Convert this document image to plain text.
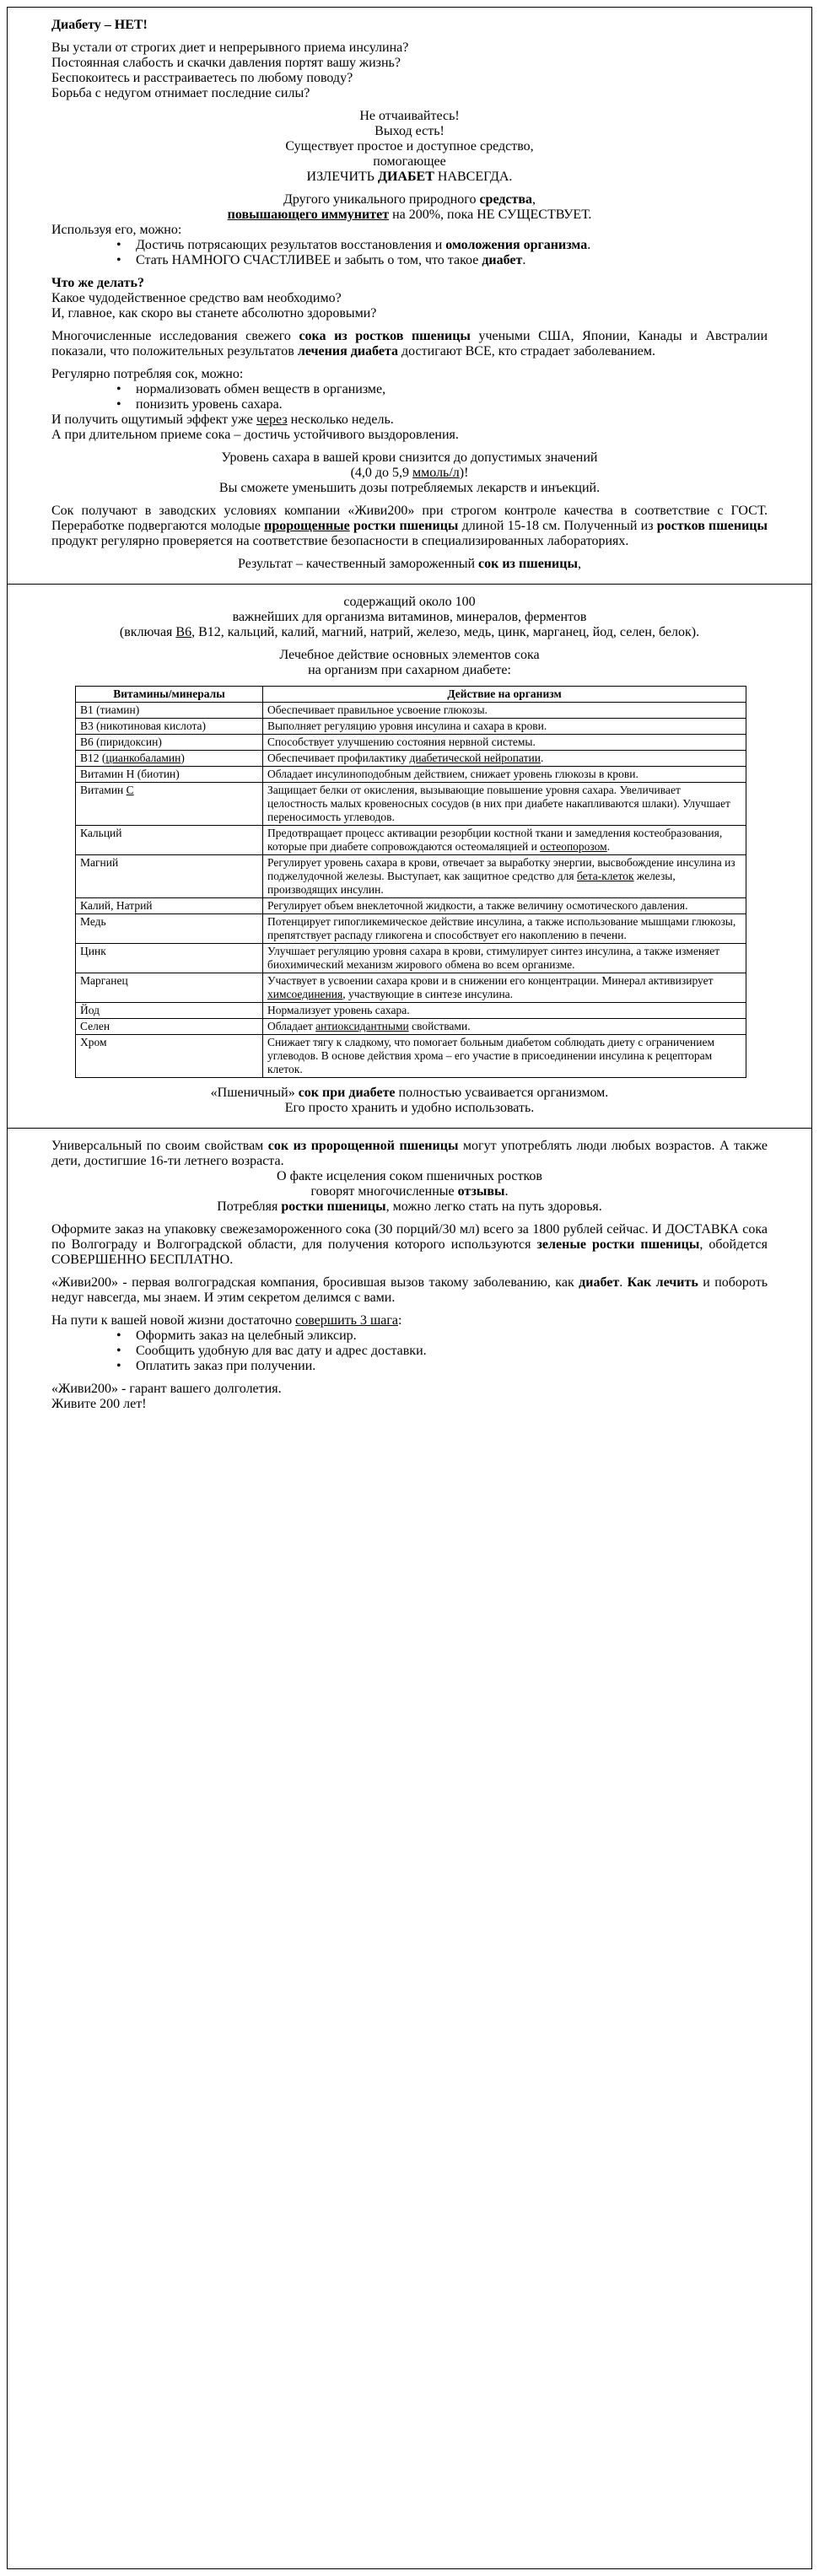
Диабету – НЕТ!
Вы устали от строгих диет и непрерывного приема инсулина?
Постоянная слабость и скачки давления портят вашу жизнь?
Беспокоитесь и расстраиваетесь по любому поводу?
Борьба с недугом отнимает последние силы?
Не отчаивайтесь!
Выход есть!
Существует простое и доступное средство,
помогающее
ИЗЛЕЧИТЬ ДИАБЕТ НАВСЕГДА.
Другого уникального природного средства,
повышающего иммунитет на 200%, пока НЕ СУЩЕСТВУЕТ.
Используя его, можно:
•	Достичь потрясающих результатов восстановления и омоложения организма.
•	Стать НАМНОГО СЧАСТЛИВЕЕ и забыть о том, что такое диабет.
Что же делать?
Какое чудодейственное средство вам необходимо?
И, главное, как скоро вы станете абсолютно здоровыми?
Многочисленные исследования свежего сока из ростков пшеницы учеными США, Японии, Канады и Австралии показали, что положительных результатов лечения диабета достигают ВСЕ, кто страдает заболеванием.
Регулярно потребляя сок, можно:
•	нормализовать обмен веществ в организме,
•	понизить уровень сахара.
И получить ощутимый эффект уже через несколько недель.
А при длительном приеме сока – достичь устойчивого выздоровления.
Уровень сахара в вашей крови снизится до допустимых значений
(4,0 до 5,9 ммоль/л)!
Вы сможете уменьшить дозы потребляемых лекарств и инъекций.
Сок получают в заводских условиях компании «Живи200» при строгом контроле качества в соответствие с ГОСТ. Переработке подвергаются молодые пророщенные ростки пшеницы длиной 15-18 см. Полученный из ростков пшеницы продукт регулярно проверяется на соответствие безопасности в специализированных лабораториях.
Результат – качественный замороженный сок из пшеницы,
содержащий около 100
важнейших для организма витаминов, минералов, ферментов
(включая В6, В12, кальций, калий, магний, натрий, железо, медь, цинк, марганец, йод, селен, белок).
Лечебное действие основных элементов сока
на организм при сахарном диабете:
Витамины/минералы	Действие на организм
В1 (тиамин)	Обеспечивает правильное усвоение глюкозы.
В3 (никотиновая кислота)	Выполняет регуляцию уровня инсулина и сахара в крови.
В6 (пиридоксин)	Способствует улучшению состояния нервной системы.
В12 (цианкобаламин)	Обеспечивает профилактику диабетической нейропатии.
Витамин Н (биотин)	Обладает инсулиноподобным действием, снижает уровень глюкозы в крови.
Витамин С	Защищает белки от окисления, вызывающие повышение уровня сахара. Увеличивает целостность малых кровеносных сосудов (в них при диабете накапливаются шлаки). Улучшает переносимость углеводов.
Кальций	Предотвращает процесс активации резорбции костной ткани и замедления костеобразования, которые при диабете сопровождаются остеомаляцией и остеопорозом.
Магний	Регулирует уровень сахара в крови, отвечает за выработку энергии, высвобождение инсулина из поджелудочной железы. Выступает, как защитное средство для бета-клеток железы, производящих инсулин.
Калий, Натрий	Регулирует объем внеклеточной жидкости, а также величину осмотического давления.
Медь	Потенцирует гипогликемическое действие инсулина, а также использование мышцами глюкозы, препятствует распаду гликогена и способствует его накоплению в печени.
Цинк	Улучшает регуляцию уровня сахара в крови, стимулирует синтез инсулина, а также изменяет биохимический механизм жирового обмена во всем организме.
Марганец	Участвует в усвоении сахара крови и в снижении его концентрации. Минерал активизирует химсоединения, участвующие в синтезе инсулина.
Йод	Нормализует уровень сахара.
Селен	Обладает антиоксидантными свойствами.
Хром	Снижает тягу к сладкому, что помогает больным диабетом соблюдать диету с ограничением углеводов. В основе действия хрома – его участие в присоединении инсулина к рецепторам клеток.
«Пшеничный» сок при диабете полностью усваивается организмом.
Его просто хранить и удобно использовать.
Универсальный по своим свойствам сок из пророщенной пшеницы могут употреблять люди любых возрастов. А также дети, достигшие 16-ти летнего возраста.
О факте исцеления соком пшеничных ростков
говорят многочисленные отзывы.
Потребляя ростки пшеницы, можно легко стать на путь здоровья.
Оформите заказ на упаковку свежезамороженного сока (30 порций/30 мл) всего за 1800 рублей сейчас. И ДОСТАВКА сока по Волгограду и Волгоградской области, для получения которого используются зеленые ростки пшеницы, обойдется СОВЕРШЕННО БЕСПЛАТНО.
«Живи200» - первая волгоградская компания, бросившая вызов такому заболеванию, как диабет. Как лечить и побороть недуг навсегда, мы знаем. И этим секретом делимся с вами.
На пути к вашей новой жизни достаточно совершить 3 шага:
•	Оформить заказ на целебный эликсир.
•	Сообщить удобную для вас дату и адрес доставки.
•	Оплатить заказ при получении.
«Живи200» - гарант вашего долголетия.
Живите 200 лет!
